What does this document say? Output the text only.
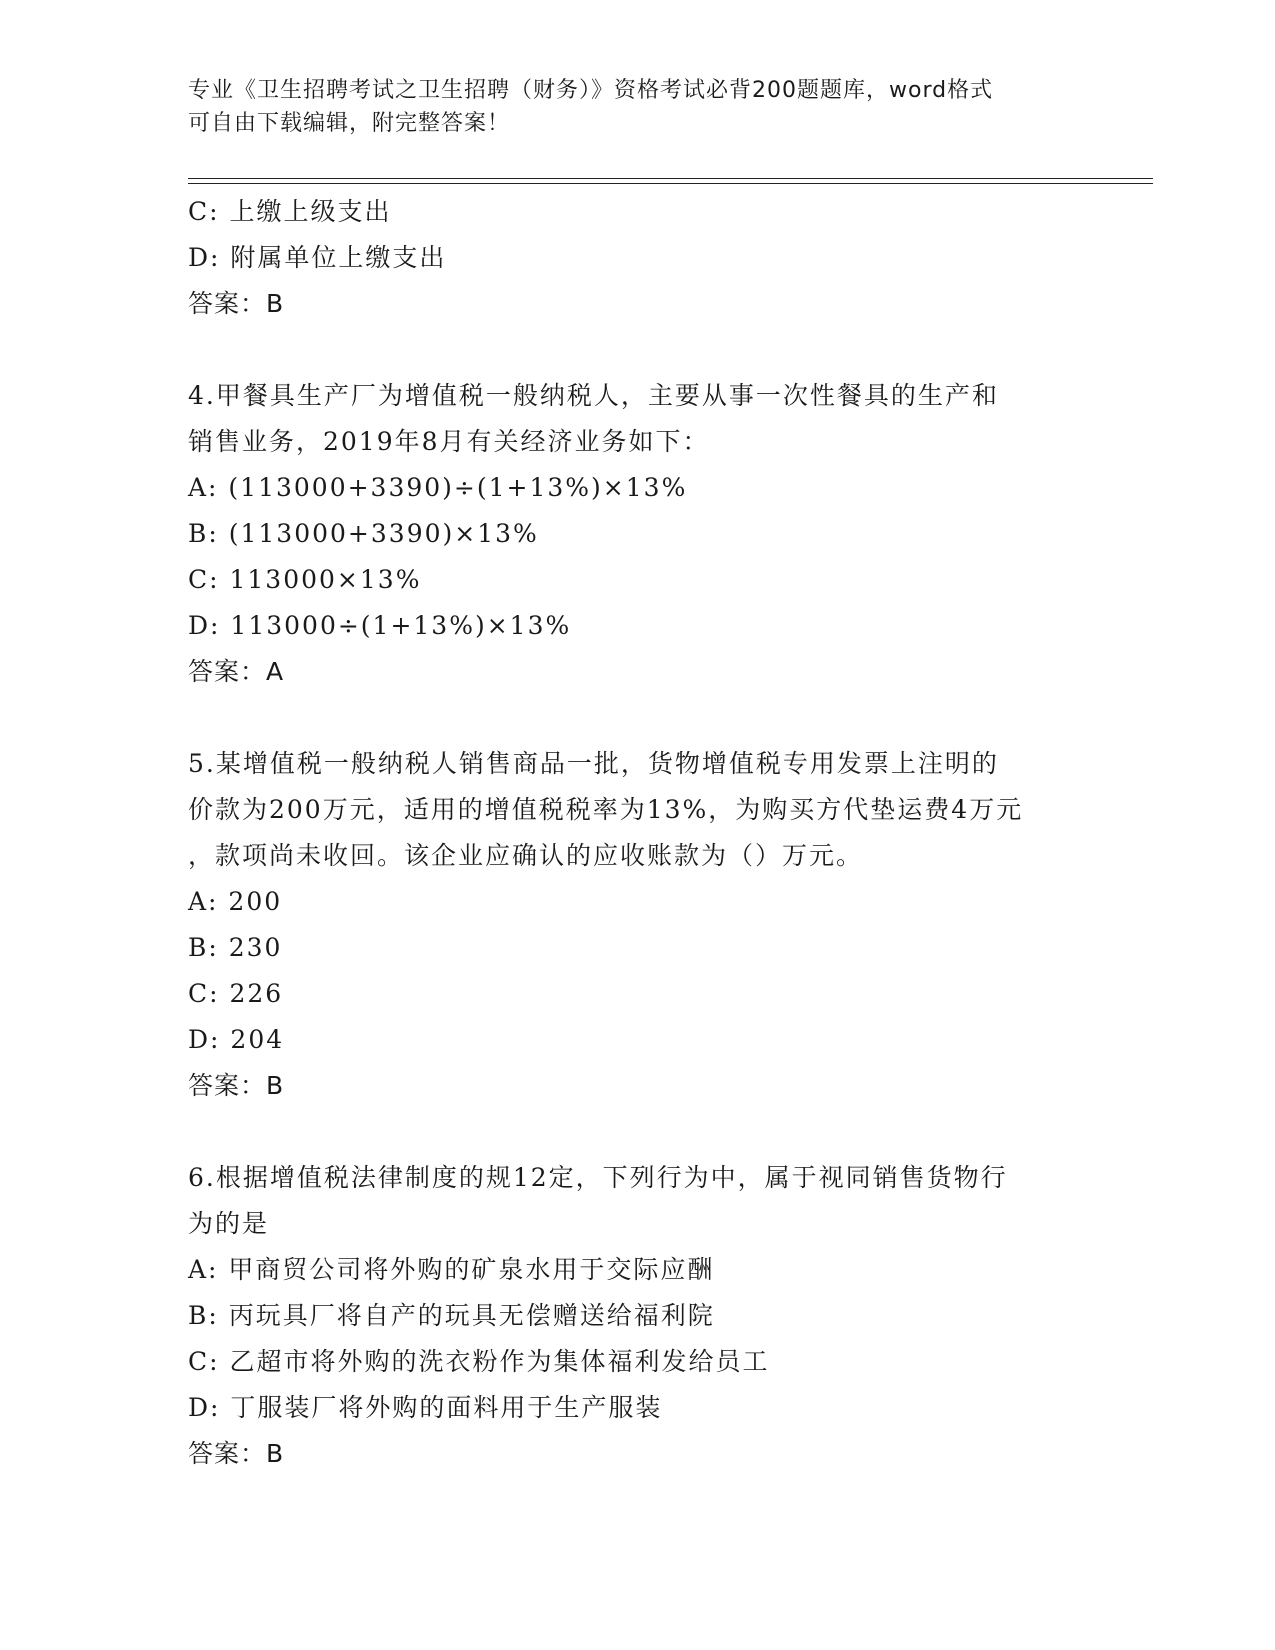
专业《卫生招聘考试之卫生招聘（财务）》资格考试必背200题题库，word格式
可自由下载编辑，附完整答案！
C: 上缴上级支出
D: 附属单位上缴支出
答案：B
4.甲餐具生产厂为增值税一般纳税人，主要从事一次性餐具的生产和
销售业务，2019年8月有关经济业务如下：
A: (113000+3390)÷(1+13%)×13%
B: (113000+3390)×13%
C: 113000×13%
D: 113000÷(1+13%)×13%
答案：A
5.某增值税一般纳税人销售商品一批，货物增值税专用发票上注明的
价款为200万元，适用的增值税税率为13%，为购买方代垫运费4万元
，款项尚未收回。该企业应确认的应收账款为（）万元。
A: 200
B: 230
C: 226
D: 204
答案：B
6.根据增值税法律制度的规12定，下列行为中，属于视同销售货物行
为的是
A: 甲商贸公司将外购的矿泉水用于交际应酬
B: 丙玩具厂将自产的玩具无偿赠送给福利院
C: 乙超市将外购的洗衣粉作为集体福利发给员工
D: 丁服装厂将外购的面料用于生产服装
答案：B
